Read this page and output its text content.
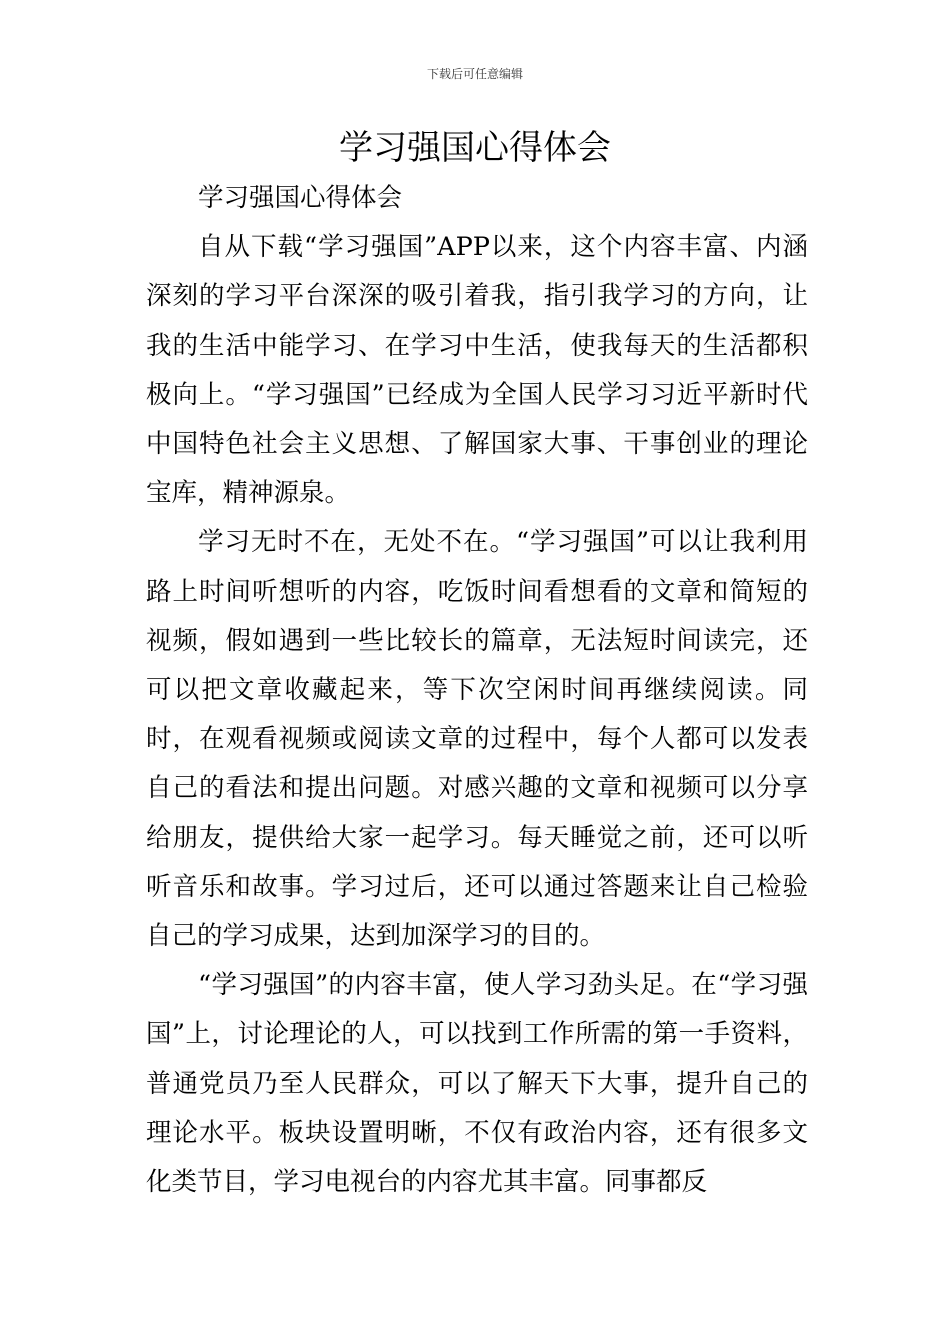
下载后可任意编辑
学习强国心得体会

学习强国心得体会

自从下载“学习强国”APP以来，这个内容丰富、内涵深刻的学习平台深深的吸引着我，指引我学习的方向，让我的生活中能学习、在学习中生活，使我每天的生活都积极向上。“学习强国”已经成为全国人民学习习近平新时代中国特色社会主义思想、了解国家大事、干事创业的理论宝库，精神源泉。

学习无时不在，无处不在。“学习强国”可以让我利用路上时间听想听的内容，吃饭时间看想看的文章和简短的视频，假如遇到一些比较长的篇章，无法短时间读完，还可以把文章收藏起来，等下次空闲时间再继续阅读。同时，在观看视频或阅读文章的过程中，每个人都可以发表自己的看法和提出问题。对感兴趣的文章和视频可以分享给朋友，提供给大家一起学习。每天睡觉之前，还可以听听音乐和故事。学习过后，还可以通过答题来让自己检验自己的学习成果，达到加深学习的目的。

“学习强国”的内容丰富，使人学习劲头足。在“学习强国”上，讨论理论的人，可以找到工作所需的第一手资料，普通党员乃至人民群众，可以了解天下大事，提升自己的理论水平。板块设置明晰，不仅有政治内容，还有很多文化类节目，学习电视台的内容尤其丰富。同事都反
